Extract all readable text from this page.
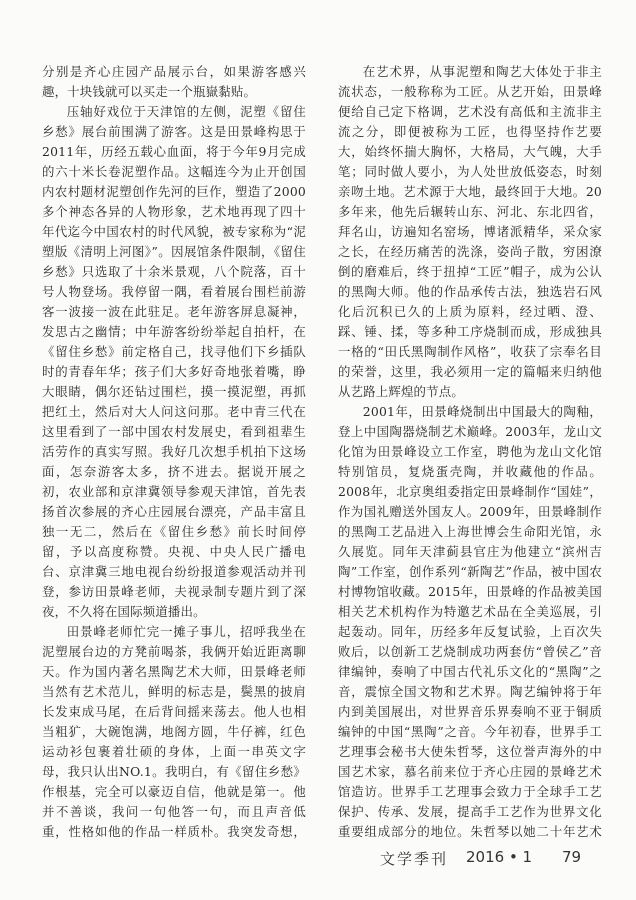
分别是齐心庄园产品展示台，如果游客感兴趣，十块钱就可以买走一个瓶嶽黏贴。

压轴好戏位于天津馆的左侧，泥塑《留住乡愁》展台前围满了游客。这是田景峰构思于2011年，历经五载心血面，将于今年9月完成的六十米长卷泥塑作品。这幅连今为止开创国内农村题材泥塑创作先河的巨作，塑造了2000多个神态各异的人物形象，艺术地再现了四十年代迄今中国农村的时代风貌，被专家称为“泥塑版《清明上河图》”。因展馆条件限制，《留住乡愁》只选取了十余米景观，八个院落，百十号人物登场。我停留一隅，看着展台围栏前游客一波接一波在此驻足。老年游客屏息凝神，发思古之幽情；中年游客纷纷举起自拍杆，在《留住乡愁》前定格自己，找寻他们下乡插队时的青春年华；孩子们大多好奇地张着嘴，睁大眼睛，偶尔还钻过围栏，摸一摸泥塑，再抓把红土，然后对大人问这问那。老中青三代在这里看到了一部中国农村发展史，看到祖辈生活劳作的真实写照。我好几次想手机拍下这场面，怎奈游客太多，挤不进去。据说开展之初，农业部和京津冀领导参观天津馆，首先表扬首次参展的齐心庄园展台漂亮，产品丰富且独一无二，然后在《留住乡愁》前长时间停留，予以高度称赞。央视、中央人民广播电台、京津冀三地电视台纷纷报道参观活动并刊登，参访田景峰老师，夫视录制专题片到了深夜，不久将在国际频道播出。

田景峰老师忙完一摊子事儿，招呼我坐在泥塑展台边的方凳前喝茶，我俩开始近距离聊天。作为国内著名黑陶艺术大师，田景峰老师当然有艺术范儿，鲜明的标志是，鬓黑的披肩长发束成马尾，在后背间摇来荡去。他人也相当粗犷，大碗饱满，地阁方圆，牛仔裤，红色运动衫包裹着壮硕的身体，上面一串英文字母，我只认出NO.1。我明白，有《留住乡愁》作根基，完全可以豪迈自信，他就是第一。他并不善谈，我问一句他答一句，而且声音低重，性格如他的作品一样质朴。我突发奇想，

在艺术界，从事泥塑和陶艺大体处于非主流状态，一般称称为工匠。从艺开始，田景峰便给自己定下格调，艺术没有高低和主流非主流之分，即便被称为工匠，也得坚持作艺要大，始终怀揣大胸怀，大格局，大气魄，大手笔；同时做人要小，为人处世放低姿态，时刻亲吻土地。艺术源于大地，最终回于大地。20多年来，他先后辗转山东、河北、东北四省，拜名山，访遍知名窑场，博诸派精华，采众家之长，在经历痛苦的洗涤，姿尚子散，穷困潦倒的磨难后，终于扭掉“工匠”帽子，成为公认的黑陶大师。他的作品承传古法，独选岩石风化后沉积已久的上质为原料，经过晒、澄、踩、锤、揉，等多种工序烧制而成，形成独具一格的“田氏黑陶制作风格”，收获了宗奉名目的荣誉，这里，我必须用一定的篇幅来归纳他从艺路上辉煌的节点。

2001年，田景峰烧制出中国最大的陶釉，登上中国陶器烧制艺术巅峰。2003年，龙山文化馆为田景峰设立工作室，聘他为龙山文化馆特别馆员，复烧蛋壳陶，并收藏他的作品。2008年，北京奥组委指定田景峰制作“国娃”，作为国礼赠送外国友人。2009年，田景峰制作的黑陶工艺品进入上海世博会生命阳光馆，永久展览。同年天津蓟县官庄为他建立“滨州吉陶”工作室，创作系列“新陶艺”作品，被中国农村博物馆收藏。2015年，田景峰的作品被美国相关艺术机构作为特邀艺术品在全美巡展，引起轰动。同年，历经多年反复试验，上百次失败后，以创新工艺烧制成功两套仿“曾侯乙”音律编钟，奏响了中国古代礼乐文化的“黑陶”之音，震惊全国文物和艺术界。陶艺编钟将于年内到美国展出，对世界音乐界奏响不亚于铜质编钟的中国“黑陶”之音。今年初春，世界手工艺理事会秘书大使朱哲琴，这位誉声海外的中国艺术家，慕名前来位于齐心庄园的景峰艺术馆造访。世界手工艺理事会致力于全球手工艺保护、传承、发展，提高手工艺作为世界文化重要组成部分的地位。朱哲琴以她二十年艺术

文学季刊 2016 • 1 79
